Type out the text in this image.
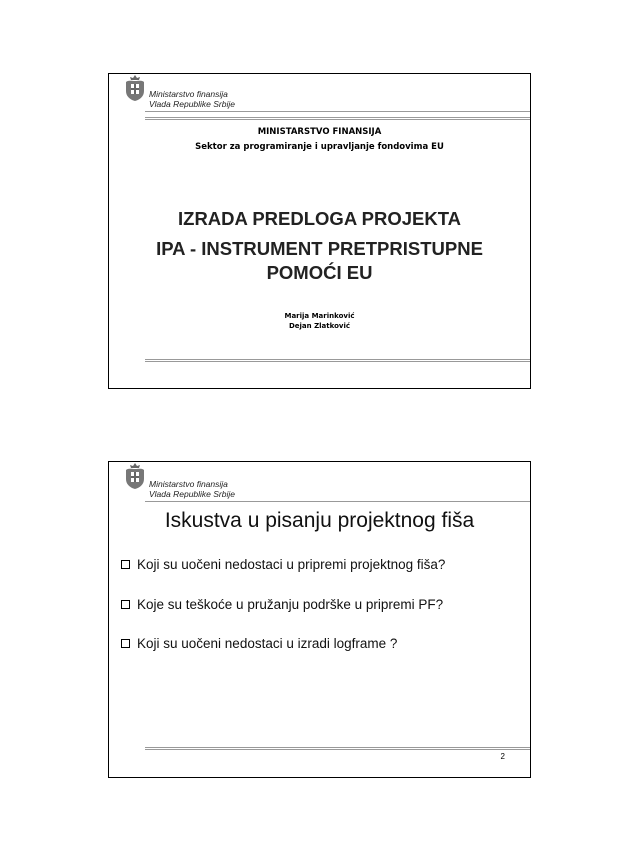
Ministarstvo finansija
Vlada Republike Srbije
MINISTARSTVO FINANSIJA
Sektor za programiranje i upravljanje fondovima EU
IZRADA PREDLOGA PROJEKTA
IPA - INSTRUMENT PRETPRISTUPNE
POMOĆI EU
Marija Marinković
Dejan Zlatković
Ministarstvo finansija
Vlada Republike Srbije
Iskustva u pisanju projektnog fiša
Koji su uočeni nedostaci u pripremi projektnog fiša?
Koje su teškoće u pružanju podrške u pripremi PF?
Koji su uočeni nedostaci u izradi logframe ?
2
